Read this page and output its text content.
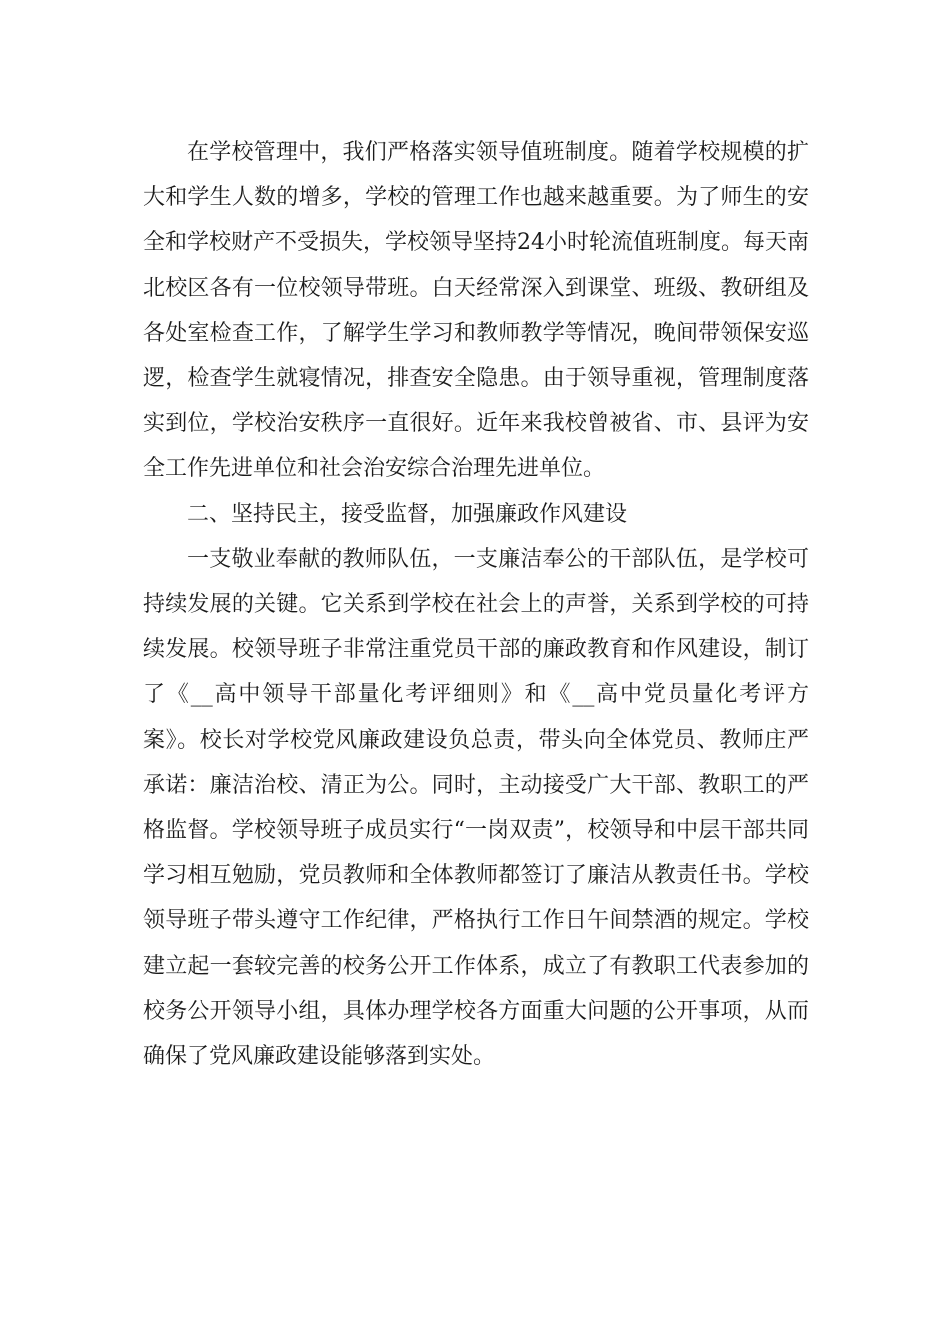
在学校管理中，我们严格落实领导值班制度。随着学校规模的扩大和学生人数的增多，学校的管理工作也越来越重要。为了师生的安全和学校财产不受损失，学校领导坚持24小时轮流值班制度。每天南北校区各有一位校领导带班。白天经常深入到课堂、班级、教研组及各处室检查工作，了解学生学习和教师教学等情况，晚间带领保安巡逻，检查学生就寝情况，排查安全隐患。由于领导重视，管理制度落实到位，学校治安秩序一直很好。近年来我校曾被省、市、县评为安全工作先进单位和社会治安综合治理先进单位。

二、坚持民主，接受监督，加强廉政作风建设

一支敬业奉献的教师队伍，一支廉洁奉公的干部队伍，是学校可持续发展的关键。它关系到学校在社会上的声誉，关系到学校的可持续发展。校领导班子非常注重党员干部的廉政教育和作风建设，制订了《__高中领导干部量化考评细则》和《__高中党员量化考评方案》。校长对学校党风廉政建设负总责，带头向全体党员、教师庄严承诺：廉洁治校、清正为公。同时，主动接受广大干部、教职工的严格监督。学校领导班子成员实行“一岗双责”，校领导和中层干部共同学习相互勉励，党员教师和全体教师都签订了廉洁从教责任书。学校领导班子带头遵守工作纪律，严格执行工作日午间禁酒的规定。学校建立起一套较完善的校务公开工作体系，成立了有教职工代表参加的校务公开领导小组，具体办理学校各方面重大问题的公开事项，从而确保了党风廉政建设能够落到实处。
